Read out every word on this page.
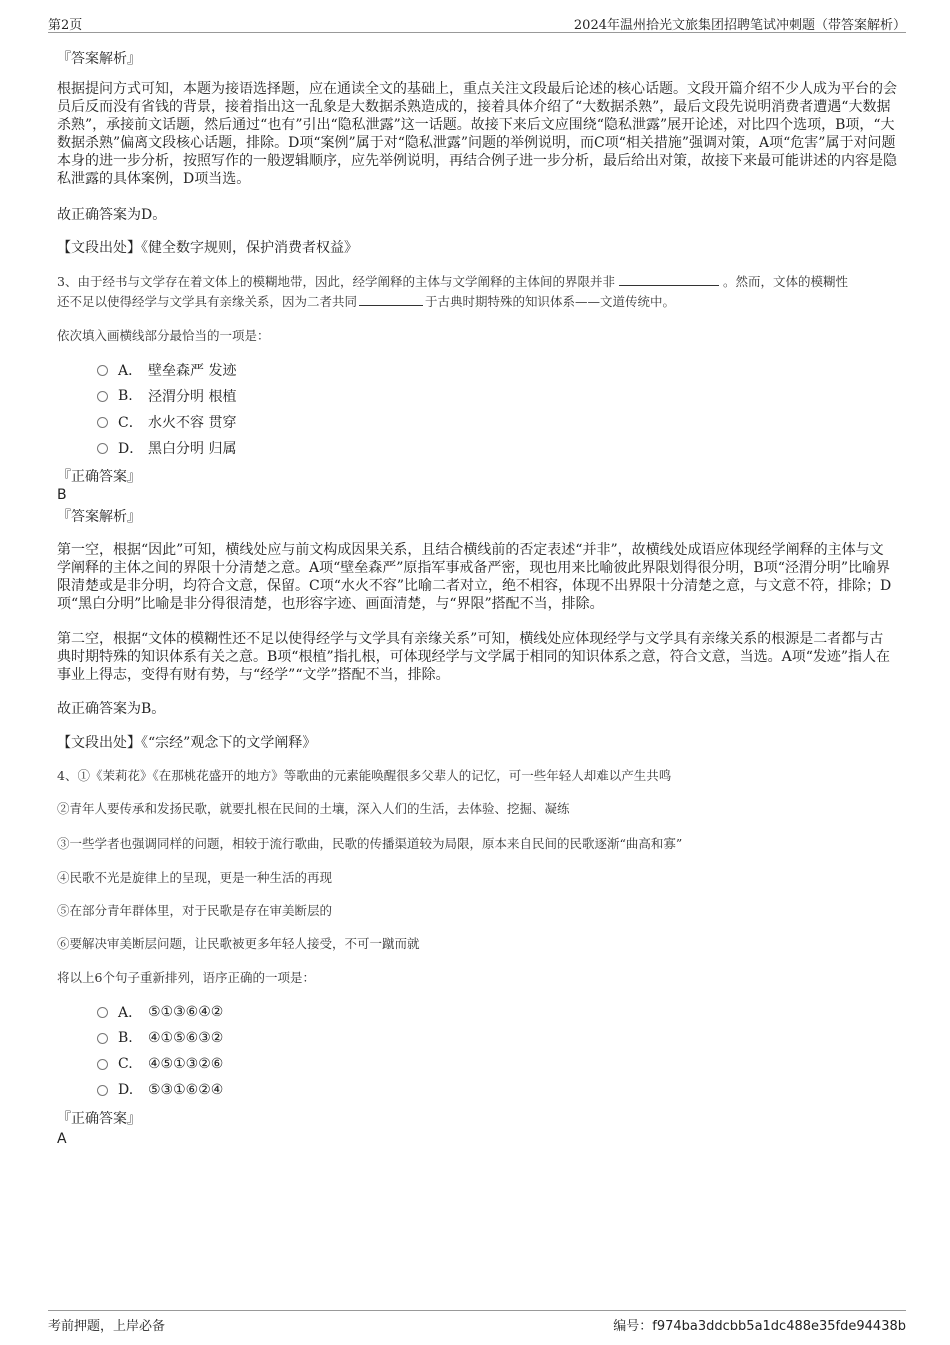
第2页	2024年温州拾光文旅集团招聘笔试冲刺题（带答案解析）
『答案解析』

根据提问方式可知，本题为接语选择题，应在通读全文的基础上，重点关注文段最后论述的核心话题。文段开篇介绍不少人成为平台的会员后反而没有省钱的背景，接着指出这一乱象是大数据杀熟造成的，接着具体介绍了“大数据杀熟”，最后文段先说明消费者遭遇“大数据杀熟”，承接前文话题，然后通过“也有”引出“隐私泄露”这一话题。故接下来后文应围绕“隐私泄露”展开论述，对比四个选项，B项，“大数据杀熟”偏离文段核心话题，排除。D项“案例”属于对“隐私泄露”问题的举例说明，而C项“相关措施”强调对策，A项“危害”属于对问题本身的进一步分析，按照写作的一般逻辑顺序，应先举例说明，再结合例子进一步分析，最后给出对策，故接下来最可能讲述的内容是隐私泄露的具体案例，D项当选。

故正确答案为D。
【文段出处】《健全数字规则，保护消费者权益》
3、由于经书与文学存在着文体上的模糊地带，因此，经学阐释的主体与文学阐释的主体间的界限并非	。然而，文体的模糊性
还不足以使得经学与文学具有亲缘关系，因为二者共同	于古典时期特殊的知识体系——文道传统中。
依次填入画横线部分最恰当的一项是：
A． 壁垒森严 发迹
B.	泾渭分明 根植
C． 水火不容 贯穿
D． 黑白分明 归属
『正确答案』
B
『答案解析』

第一空，根据“因此”可知，横线处应与前文构成因果关系，且结合横线前的否定表述“并非”，故横线处成语应体现经学阐释的主体与文学阐释的主体之间的界限十分清楚之意。A项“壁垒森严”原指军事戒备严密，现也用来比喻彼此界限划得很分明，B项“泾渭分明”比喻界限清楚或是非分明，均符合文意，保留。C项“水火不容”比喻二者对立，绝不相容，体现不出界限十分清楚之意，与文意不符，排除；D项“黑白分明”比喻是非分得很清楚，也形容字迹、画面清楚，与“界限”搭配不当，排除。

第二空，根据“文体的模糊性还不足以使得经学与文学具有亲缘关系”可知，横线处应体现经学与文学具有亲缘关系的根源是二者都与古典时期特殊的知识体系有关之意。B项“根植”指扎根，可体现经学与文学属于相同的知识体系之意，符合文意，当选。A项“发迹”指人在事业上得志，变得有财有势，与“经学”“文学”搭配不当，排除。

故正确答案为B。
【文段出处】《“宗经”观念下的文学阐释》
4、①《茉莉花》《在那桃花盛开的地方》等歌曲的元素能唤醒很多父辈人的记忆，可一些年轻人却难以产生共鸣
②青年人要传承和发扬民歌，就要扎根在民间的土壤，深入人们的生活，去体验、挖掘、凝练
③一些学者也强调同样的问题，相较于流行歌曲，民歌的传播渠道较为局限，原本来自民间的民歌逐渐“曲高和寡”
④民歌不光是旋律上的呈现，更是一种生活的再现
⑤在部分青年群体里，对于民歌是存在审美断层的
⑥要解决审美断层问题，让民歌被更多年轻人接受，不可一蹴而就
将以上6个句子重新排列，语序正确的一项是：
A． ⑤①③⑥④②
B.	④①⑤⑥③②
C.	④⑤①③②⑥
D.	⑤③①⑥②④
『正确答案』
A
考前押题，上岸必备	编号：f974ba3ddcbb5a1dc488e35fde94438b
